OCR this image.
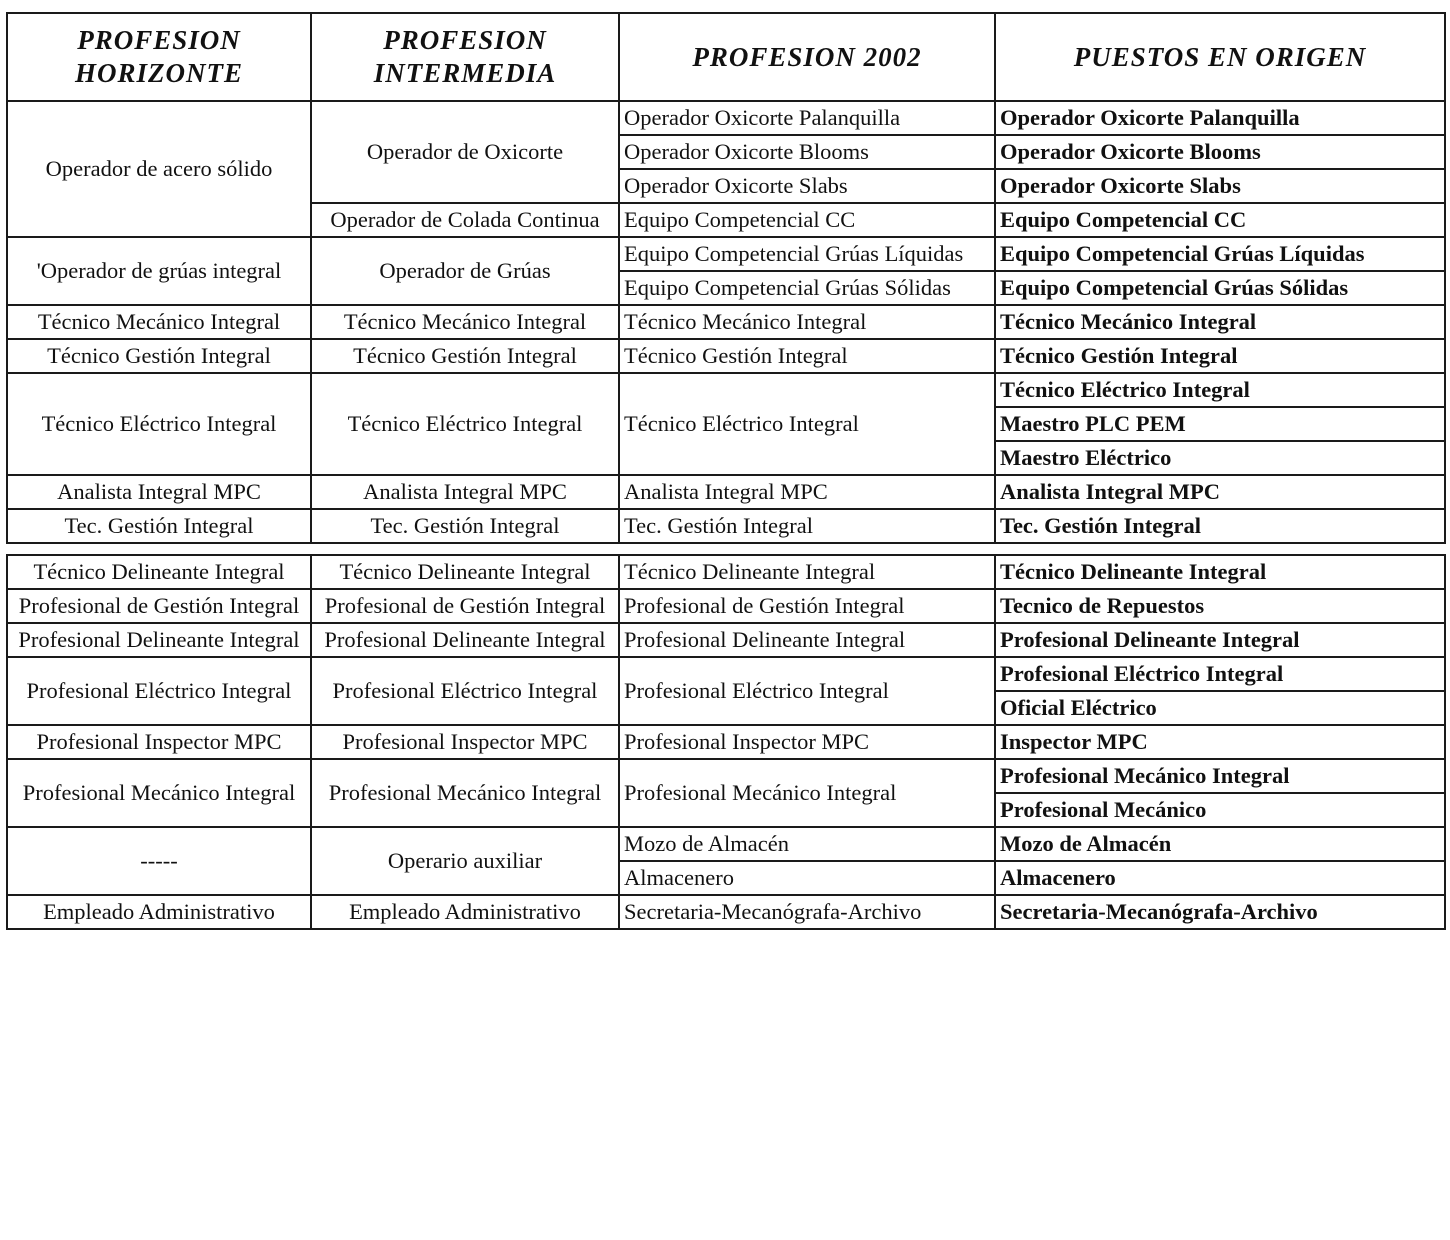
PROFESION HORIZONTE	PROFESION INTERMEDIA	PROFESION 2002	PUESTOS EN ORIGEN
Operador de acero sólido	Operador de Oxicorte	Operador Oxicorte Palanquilla	Operador Oxicorte Palanquilla
		Operador Oxicorte Blooms	Operador Oxicorte Blooms
		Operador Oxicorte Slabs	Operador Oxicorte Slabs
	Operador de Colada Continua	Equipo Competencial CC	Equipo Competencial CC
'Operador de grúas integral	Operador de Grúas	Equipo Competencial Grúas Líquidas	Equipo Competencial Grúas Líquidas
		Equipo Competencial Grúas Sólidas	Equipo Competencial Grúas Sólidas
Técnico Mecánico Integral	Técnico Mecánico Integral	Técnico Mecánico Integral	Técnico Mecánico Integral
Técnico Gestión Integral	Técnico Gestión Integral	Técnico Gestión Integral	Técnico Gestión Integral
Técnico Eléctrico Integral	Técnico Eléctrico Integral	Técnico Eléctrico Integral	Técnico Eléctrico Integral
			Maestro PLC PEM
			Maestro Eléctrico
Analista Integral MPC	Analista Integral MPC	Analista Integral MPC	Analista Integral MPC
Tec. Gestión Integral	Tec. Gestión Integral	Tec. Gestión Integral	Tec. Gestión Integral

Técnico Delineante Integral	Técnico Delineante Integral	Técnico Delineante Integral	Técnico Delineante Integral
Profesional de Gestión Integral	Profesional de Gestión Integral	Profesional de Gestión Integral	Tecnico de Repuestos
Profesional Delineante Integral	Profesional Delineante Integral	Profesional Delineante Integral	Profesional Delineante Integral
Profesional Eléctrico Integral	Profesional Eléctrico Integral	Profesional Eléctrico Integral	Profesional Eléctrico Integral
			Oficial Eléctrico
Profesional Inspector MPC	Profesional Inspector MPC	Profesional Inspector MPC	Inspector MPC
Profesional Mecánico Integral	Profesional Mecánico Integral	Profesional Mecánico Integral	Profesional Mecánico Integral
			Profesional Mecánico
-----	Operario auxiliar	Mozo de Almacén	Mozo de Almacén
		Almacenero	Almacenero
Empleado Administrativo	Empleado Administrativo	Secretaria-Mecanógrafa-Archivo	Secretaria-Mecanógrafa-Archivo
